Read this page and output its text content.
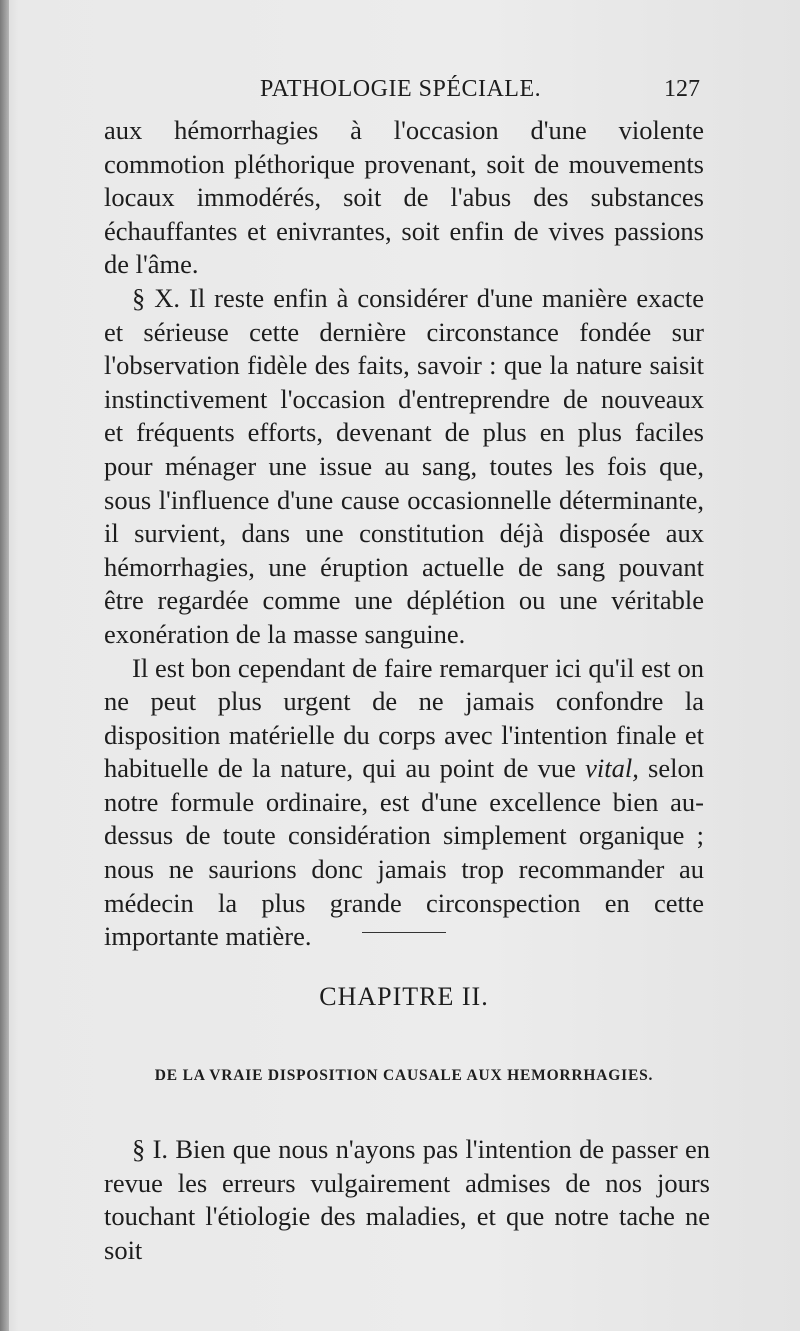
PATHOLOGIE SPÉCIALE.	127

aux hémorrhagies à l'occasion d'une violente commotion pléthorique provenant, soit de mouvements locaux immodérés, soit de l'abus des substances échauffantes et enivrantes, soit enfin de vives passions de l'âme.

§ X. Il reste enfin à considérer d'une manière exacte et sérieuse cette dernière circonstance fondée sur l'observation fidèle des faits, savoir : que la nature saisit instinctivement l'occasion d'entreprendre de nouveaux et fréquents efforts, devenant de plus en plus faciles pour ménager une issue au sang, toutes les fois que, sous l'influence d'une cause occasionnelle déterminante, il survient, dans une constitution déjà disposée aux hémorrhagies, une éruption actuelle de sang pouvant être regardée comme une déplétion ou une véritable exonération de la masse sanguine.

Il est bon cependant de faire remarquer ici qu'il est on ne peut plus urgent de ne jamais confondre la disposition matérielle du corps avec l'intention finale et habituelle de la nature, qui au point de vue vital, selon notre formule ordinaire, est d'une excellence bien au-dessus de toute considération simplement organique ; nous ne saurions donc jamais trop recommander au médecin la plus grande circonspection en cette importante matière.

CHAPITRE II.
DE LA VRAIE DISPOSITION CAUSALE AUX HEMORRHAGIES.

§ I. Bien que nous n'ayons pas l'intention de passer en revue les erreurs vulgairement admises de nos jours touchant l'étiologie des maladies, et que notre tache ne soit
